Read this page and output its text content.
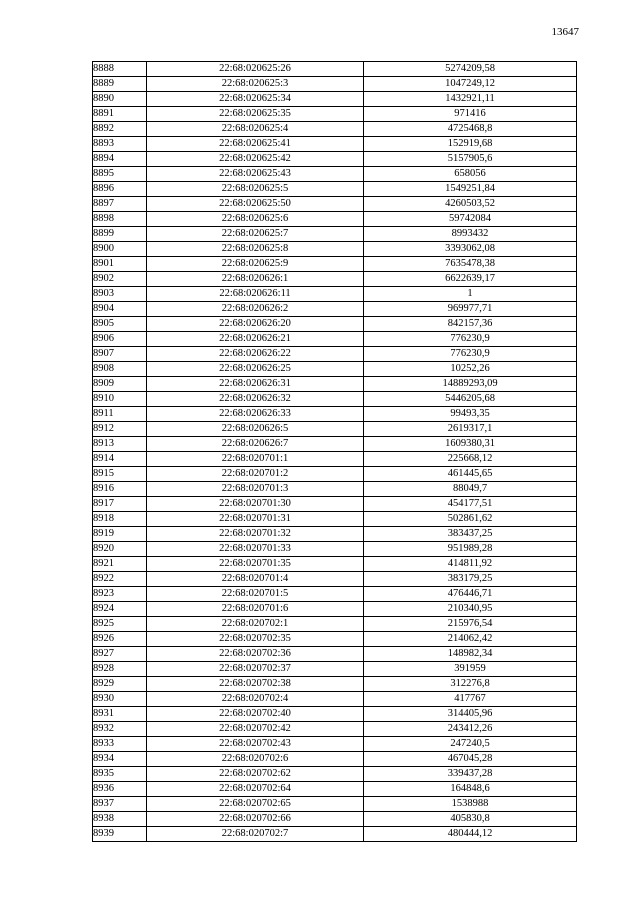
13647
8888	22:68:020625:26	5274209,58
8889	22:68:020625:3	1047249,12
8890	22:68:020625:34	1432921,11
8891	22:68:020625:35	971416
8892	22:68:020625:4	4725468,8
8893	22:68:020625:41	152919,68
8894	22:68:020625:42	5157905,6
8895	22:68:020625:43	658056
8896	22:68:020625:5	1549251,84
8897	22:68:020625:50	4260503,52
8898	22:68:020625:6	59742084
8899	22:68:020625:7	8993432
8900	22:68:020625:8	3393062,08
8901	22:68:020625:9	7635478,38
8902	22:68:020626:1	6622639,17
8903	22:68:020626:11	1
8904	22:68:020626:2	969977,71
8905	22:68:020626:20	842157,36
8906	22:68:020626:21	776230,9
8907	22:68:020626:22	776230,9
8908	22:68:020626:25	10252,26
8909	22:68:020626:31	14889293,09
8910	22:68:020626:32	5446205,68
8911	22:68:020626:33	99493,35
8912	22:68:020626:5	2619317,1
8913	22:68:020626:7	1609380,31
8914	22:68:020701:1	225668,12
8915	22:68:020701:2	461445,65
8916	22:68:020701:3	88049,7
8917	22:68:020701:30	454177,51
8918	22:68:020701:31	502861,62
8919	22:68:020701:32	383437,25
8920	22:68:020701:33	951989,28
8921	22:68:020701:35	414811,92
8922	22:68:020701:4	383179,25
8923	22:68:020701:5	476446,71
8924	22:68:020701:6	210340,95
8925	22:68:020702:1	215976,54
8926	22:68:020702:35	214062,42
8927	22:68:020702:36	148982,34
8928	22:68:020702:37	391959
8929	22:68:020702:38	312276,8
8930	22:68:020702:4	417767
8931	22:68:020702:40	314405,96
8932	22:68:020702:42	243412,26
8933	22:68:020702:43	247240,5
8934	22:68:020702:6	467045,28
8935	22:68:020702:62	339437,28
8936	22:68:020702:64	164848,6
8937	22:68:020702:65	1538988
8938	22:68:020702:66	405830,8
8939	22:68:020702:7	480444,12
